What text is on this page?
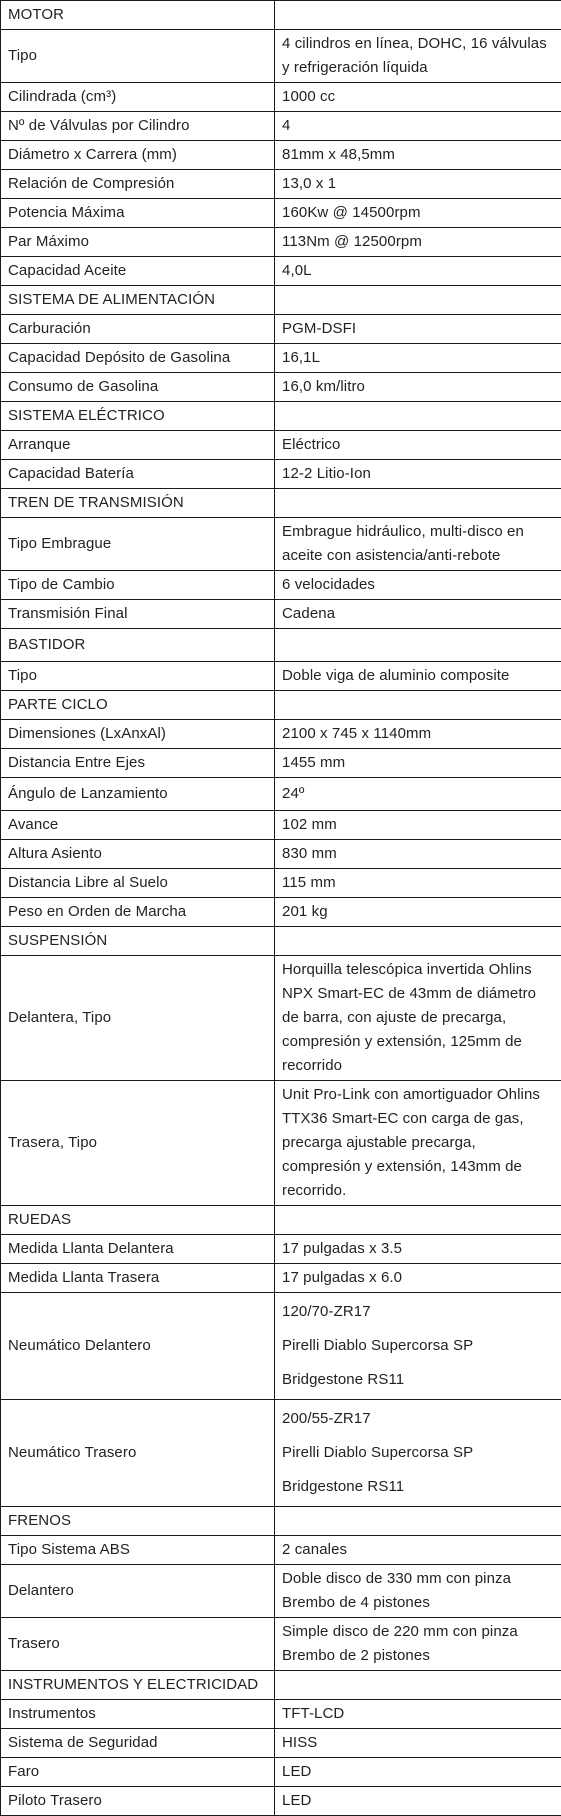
MOTOR	
Tipo	4 cilindros en línea, DOHC, 16 válvulas y refrigeración líquida
Cilindrada (cm³)	1000 cc
Nº de Válvulas por Cilindro	4
Diámetro x Carrera (mm)	81mm x 48,5mm
Relación de Compresión	13,0 x 1
Potencia Máxima	160Kw @ 14500rpm
Par Máximo	113Nm @ 12500rpm
Capacidad Aceite	4,0L
SISTEMA DE ALIMENTACIÓN	
Carburación	PGM-DSFI
Capacidad Depósito de Gasolina	16,1L
Consumo de Gasolina	16,0 km/litro
SISTEMA ELÉCTRICO	
Arranque	Eléctrico
Capacidad Batería	12-2 Litio-Ion
TREN DE TRANSMISIÓN	
Tipo Embrague	Embrague hidráulico, multi-disco en aceite con asistencia/anti-rebote
Tipo de Cambio	6 velocidades
Transmisión Final	Cadena
BASTIDOR	
Tipo	Doble viga de aluminio composite
PARTE CICLO	
Dimensiones (LxAnxAl)	2100 x 745 x 1140mm
Distancia Entre Ejes	1455 mm
Ángulo de Lanzamiento	24º
Avance	102 mm
Altura Asiento	830 mm
Distancia Libre al Suelo	115 mm
Peso en Orden de Marcha	201 kg
SUSPENSIÓN	
Delantera, Tipo	Horquilla telescópica invertida Ohlins NPX Smart-EC de 43mm de diámetro de barra, con ajuste de precarga, compresión y extensión, 125mm de recorrido
Trasera, Tipo	Unit Pro-Link con amortiguador Ohlins TTX36 Smart-EC con carga de gas, precarga ajustable precarga, compresión y extensión, 143mm de recorrido.
RUEDAS	
Medida Llanta Delantera	17 pulgadas x 3.5
Medida Llanta Trasera	17 pulgadas x 6.0
Neumático Delantero	120/70-ZR17
Pirelli Diablo Supercorsa SP
Bridgestone RS11

Neumático Trasero	200/55-ZR17
Pirelli Diablo Supercorsa SP
Bridgestone RS11

FRENOS	
Tipo Sistema ABS	2 canales
Delantero	Doble disco de 330 mm con pinza Brembo de 4 pistones
Trasero	Simple disco de 220 mm con pinza Brembo de 2 pistones
INSTRUMENTOS Y ELECTRICIDAD	
Instrumentos	TFT-LCD
Sistema de Seguridad	HISS
Faro	LED
Piloto Trasero	LED
